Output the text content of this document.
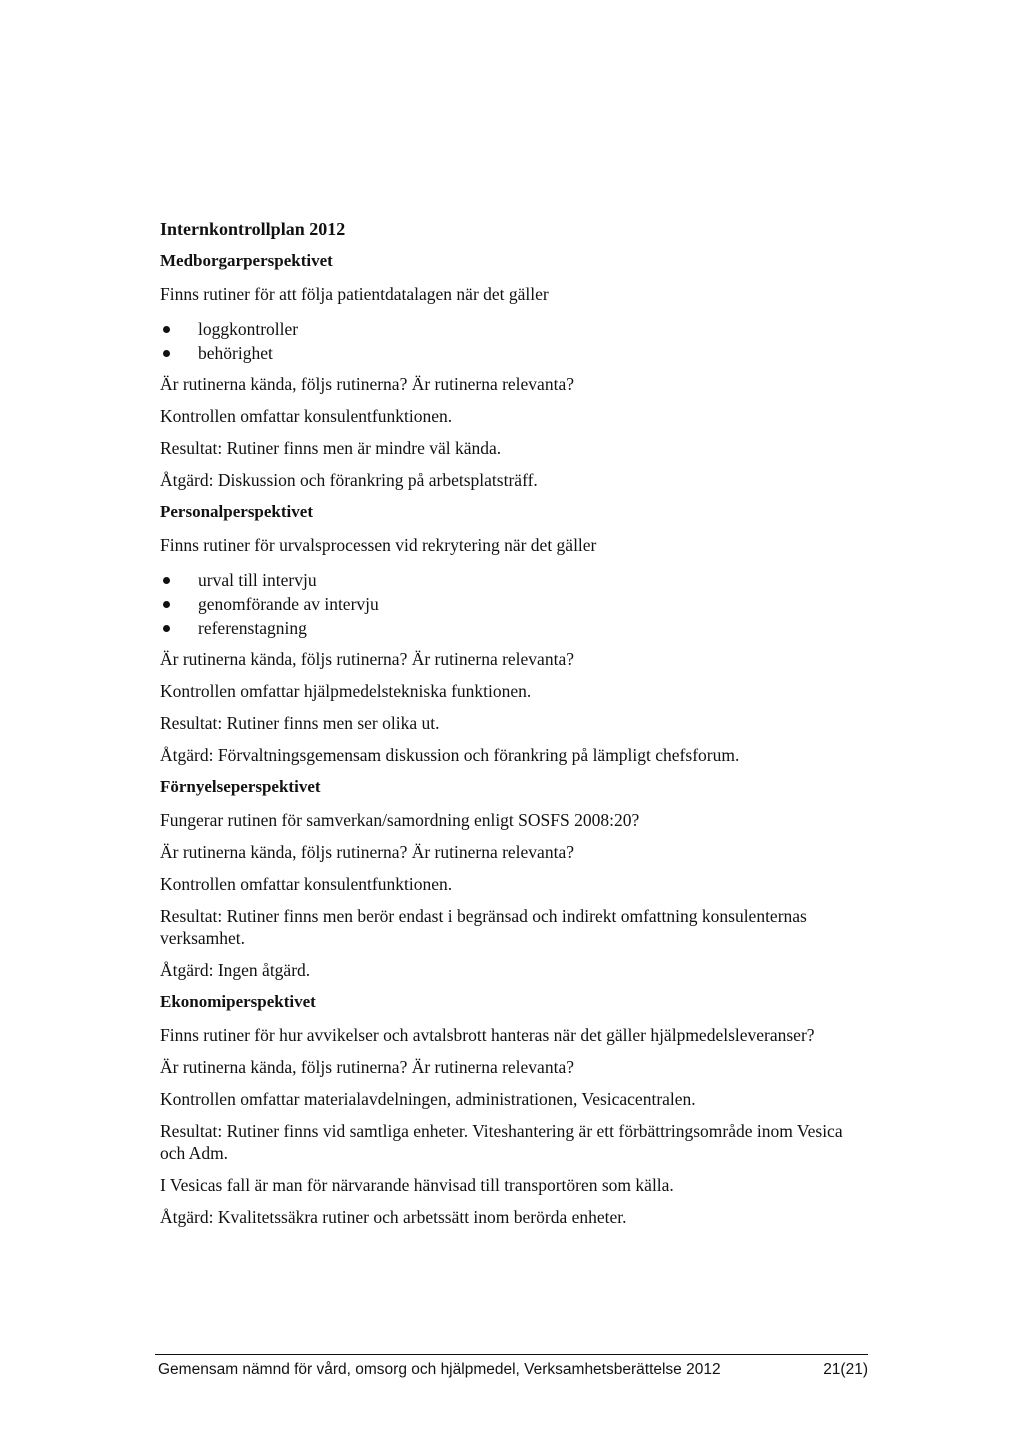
Internkontrollplan 2012
Medborgarperspektivet
Finns rutiner för att följa patientdatalagen när det gäller
loggkontroller
behörighet
Är rutinerna kända, följs rutinerna? Är rutinerna relevanta?
Kontrollen omfattar konsulentfunktionen.
Resultat: Rutiner finns men är mindre väl kända.
Åtgärd: Diskussion och förankring på arbetsplatsträff.
Personalperspektivet
Finns rutiner för urvalsprocessen vid rekrytering när det gäller
urval till intervju
genomförande av intervju
referenstagning
Är rutinerna kända, följs rutinerna? Är rutinerna relevanta?
Kontrollen omfattar hjälpmedelstekniska funktionen.
Resultat: Rutiner finns men ser olika ut.
Åtgärd: Förvaltningsgemensam diskussion och förankring på lämpligt chefsforum.
Förnyelseperspektivet
Fungerar rutinen för samverkan/samordning enligt SOSFS 2008:20?
Är rutinerna kända, följs rutinerna? Är rutinerna relevanta?
Kontrollen omfattar konsulentfunktionen.
Resultat: Rutiner finns men berör endast i begränsad och indirekt omfattning konsulenternas verksamhet.
Åtgärd: Ingen åtgärd.
Ekonomiperspektivet
Finns rutiner för hur avvikelser och avtalsbrott hanteras när det gäller hjälpmedelsleveranser?
Är rutinerna kända, följs rutinerna? Är rutinerna relevanta?
Kontrollen omfattar materialavdelningen, administrationen, Vesicacentralen.
Resultat: Rutiner finns vid samtliga enheter. Viteshantering är ett förbättringsområde inom Vesica och Adm.
I Vesicas fall är man för närvarande hänvisad till transportören som källa.
Åtgärd: Kvalitetssäkra rutiner och arbetssätt inom berörda enheter.
Gemensam nämnd för vård, omsorg och hjälpmedel, Verksamhetsberättelse 2012	21(21)
